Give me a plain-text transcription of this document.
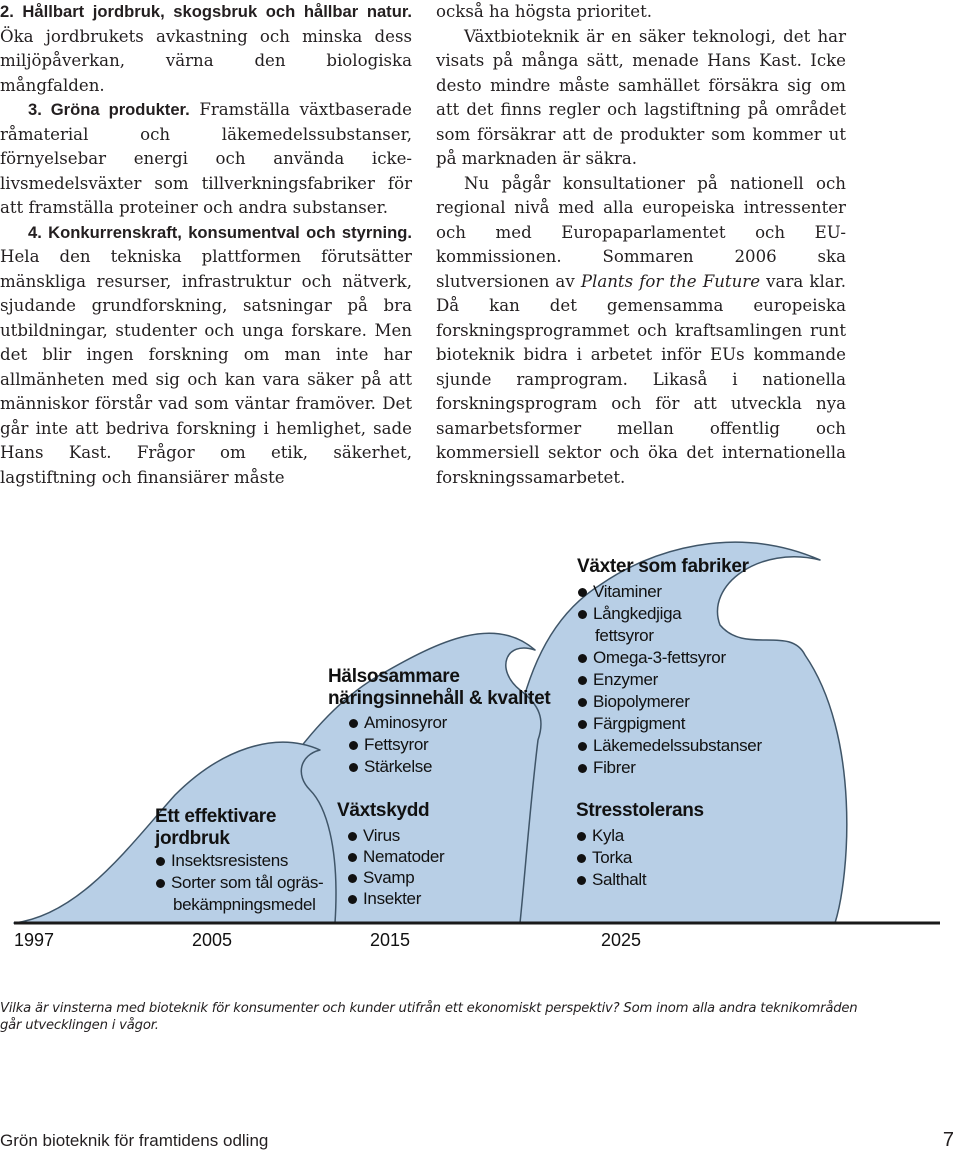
2. Hållbart jordbruk, skogsbruk och hållbar natur. Öka jordbrukets avkastning och minska dess miljöpåverkan, värna den biologiska mångfalden.

3. Gröna produkter. Framställa växtbaserade råmaterial och läkemedelssubstanser, förnyelsebar energi och använda icke-livsmedelsväxter som tillverkningsfabriker för att framställa proteiner och andra substanser.

4. Konkurrenskraft, konsumentval och styrning. Hela den tekniska plattformen förutsätter mänskliga resurser, infrastruktur och nätverk, sjudande grundforskning, satsningar på bra utbildningar, studenter och unga forskare. Men det blir ingen forskning om man inte har allmänheten med sig och kan vara säker på att människor förstår vad som väntar framöver. Det går inte att bedriva forskning i hemlighet, sade Hans Kast. Frågor om etik, säkerhet, lagstiftning och finansiärer måste

också ha högsta prioritet.

Växtbioteknik är en säker teknologi, det har visats på många sätt, menade Hans Kast. Icke desto mindre måste samhället försäkra sig om att det finns regler och lagstiftning på området som försäkrar att de produkter som kommer ut på marknaden är säkra.

Nu pågår konsultationer på nationell och regional nivå med alla europeiska intressenter och med Europaparlamentet och EU-kommissionen. Sommaren 2006 ska slutversionen av Plants for the Future vara klar. Då kan det gemensamma europeiska forskningsprogrammet och kraftsamlingen runt bioteknik bidra i arbetet inför EUs kommande sjunde ramprogram. Likaså i nationella forskningsprogram och för att utveckla nya samarbetsformer mellan offentlig och kommersiell sektor och öka det internationella forskningssamarbetet.

Ett effektivare
jordbruk
Insektsresistens
Sorter som tål ogräs-
bekämpningsmedel
Hälsosammare
näringsinnehåll & kvalitet
Aminosyror
Fettsyror
Stärkelse
Växtskydd
Virus
Nematoder
Svamp
Insekter
Växter som fabriker
Vitaminer
Långkedjiga
fettsyror
Omega-3-fettsyror
Enzymer
Biopolymerer
Färgpigment
Läkemedelssubstanser
Fibrer
Stresstolerans
Kyla
Torka
Salthalt
1997	2005	2015	2025
Vilka är vinsterna med bioteknik för konsumenter och kunder utifrån ett ekonomiskt perspektiv? Som inom alla andra teknikområden går utvecklingen i vågor.
Grön bioteknik för framtidens odling	7
